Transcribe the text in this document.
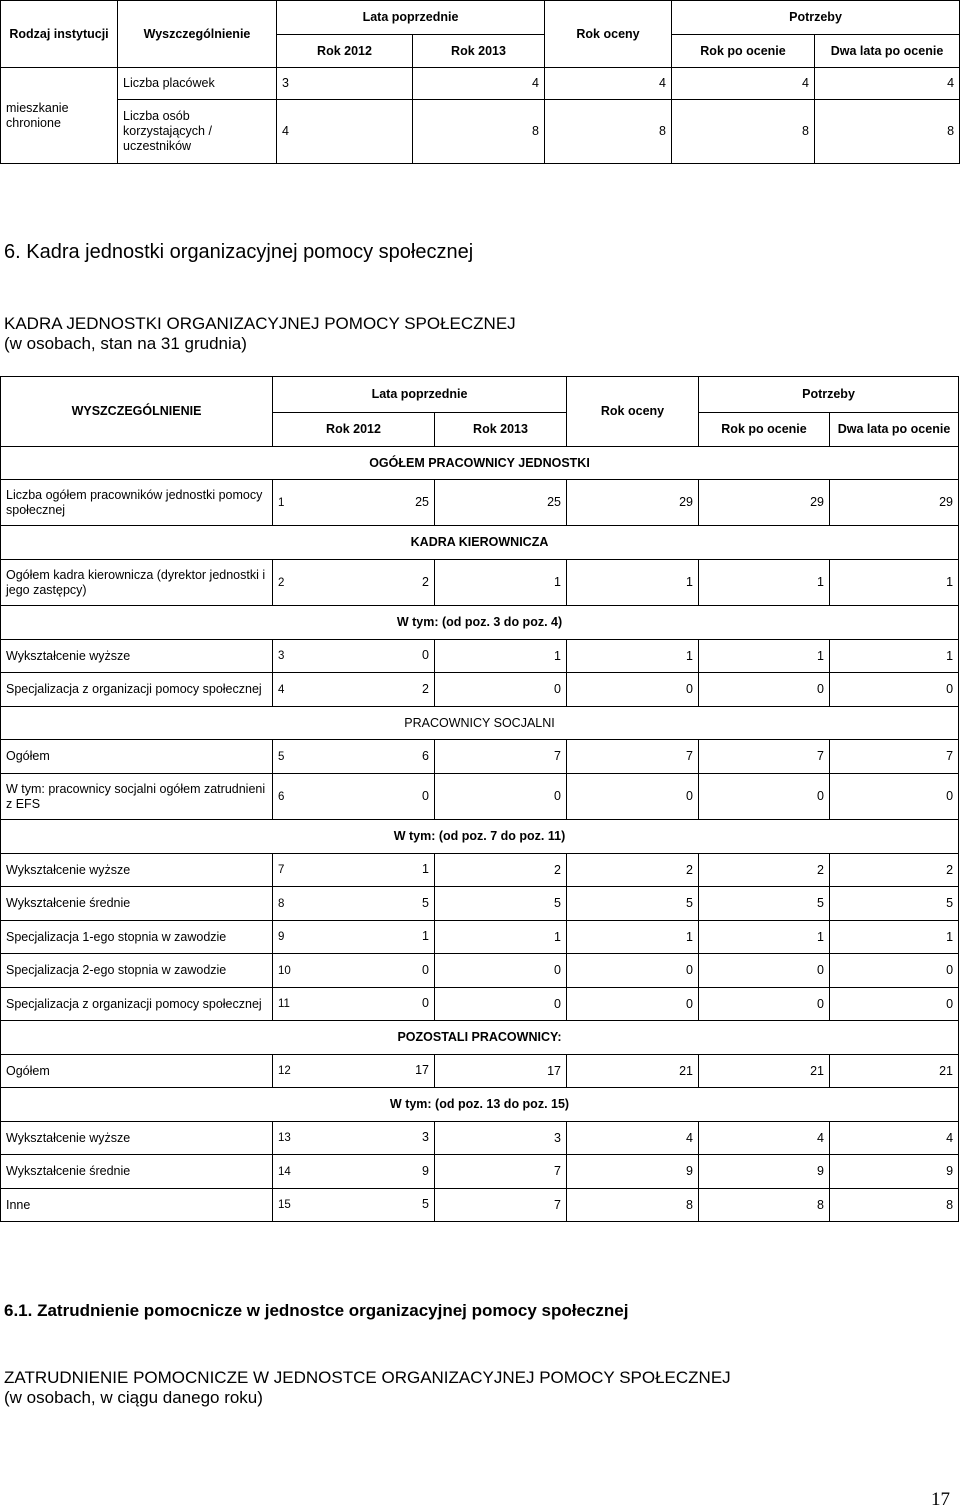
Rodzaj instytucji	Wyszczególnienie	Lata poprzednie		Rok oceny	Potrzeby	
		Rok 2012	Rok 2013		Rok po ocenie	Dwa lata po ocenie
mieszkanie chronione	Liczba placówek	3	4	4	4	4
	Liczba osób korzystających / uczestników	4	8	8	8	8
6. Kadra jednostki organizacyjnej pomocy społecznej
KADRA JEDNOSTKI ORGANIZACYJNEJ POMOCY SPOŁECZNEJ
(w osobach, stan na 31 grudnia)
WYSZCZEGÓLNIENIE	Lata poprzednie		Rok oceny	Potrzeby	
	Rok 2012	Rok 2013		Rok po ocenie	Dwa lata po ocenie
OGÓŁEM PRACOWNICY JEDNOSTKI					
Liczba ogółem pracowników jednostki pomocy społecznej	1 25	25	29	29	29
KADRA KIEROWNICZA					
Ogółem kadra kierownicza (dyrektor jednostki i jego zastępcy)	2 2	1	1	1	1
W tym: (od poz. 3 do poz. 4)					
Wykształcenie wyższe	3 0	1	1	1	1
Specjalizacja z organizacji pomocy społecznej	4 2	0	0	0	0
PRACOWNICY SOCJALNI					
Ogółem	5 6	7	7	7	7
W tym: pracownicy socjalni ogółem zatrudnieni z EFS	6 0	0	0	0	0
W tym: (od poz. 7 do poz. 11)					
Wykształcenie wyższe	7 1	2	2	2	2
Wykształcenie średnie	8 5	5	5	5	5
Specjalizacja 1-ego stopnia w zawodzie	9 1	1	1	1	1
Specjalizacja 2-ego stopnia w zawodzie	10 0	0	0	0	0
Specjalizacja z organizacji pomocy społecznej	11 0	0	0	0	0
POZOSTALI PRACOWNICY:					
Ogółem	12 17	17	21	21	21
W tym: (od poz. 13 do poz. 15)					
Wykształcenie wyższe	13 3	3	4	4	4
Wykształcenie średnie	14 9	7	9	9	9
Inne	15 5	7	8	8	8
6.1. Zatrudnienie pomocnicze w jednostce organizacyjnej pomocy społecznej
ZATRUDNIENIE POMOCNICZE W JEDNOSTCE ORGANIZACYJNEJ POMOCY SPOŁECZNEJ
(w osobach, w ciągu danego roku)
17
